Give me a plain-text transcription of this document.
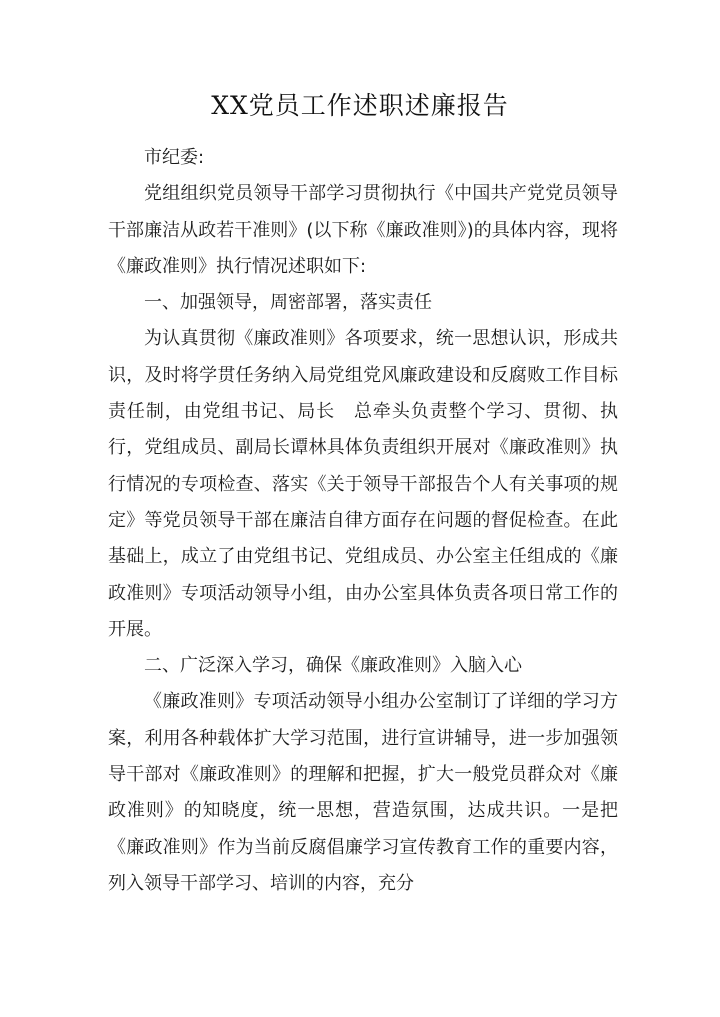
XX党员工作述职述廉报告

市纪委:

党组组织党员领导干部学习贯彻执行《中国共产党党员领导干部廉洁从政若干准则》(以下称《廉政准则》)的具体内容，现将《廉政准则》执行情况述职如下:

一、加强领导，周密部署，落实责任

为认真贯彻《廉政准则》各项要求，统一思想认识，形成共识，及时将学贯任务纳入局党组党风廉政建设和反腐败工作目标责任制，由党组书记、局长　总牵头负责整个学习、贯彻、执行，党组成员、副局长谭林具体负责组织开展对《廉政准则》执行情况的专项检查、落实《关于领导干部报告个人有关事项的规定》等党员领导干部在廉洁自律方面存在问题的督促检查。在此基础上，成立了由党组书记、党组成员、办公室主任组成的《廉政准则》专项活动领导小组，由办公室具体负责各项日常工作的开展。

二、广泛深入学习，确保《廉政准则》入脑入心

《廉政准则》专项活动领导小组办公室制订了详细的学习方案，利用各种载体扩大学习范围，进行宣讲辅导，进一步加强领导干部对《廉政准则》的理解和把握，扩大一般党员群众对《廉政准则》的知晓度，统一思想，营造氛围，达成共识。一是把《廉政准则》作为当前反腐倡廉学习宣传教育工作的重要内容，列入领导干部学习、培训的内容，充分
